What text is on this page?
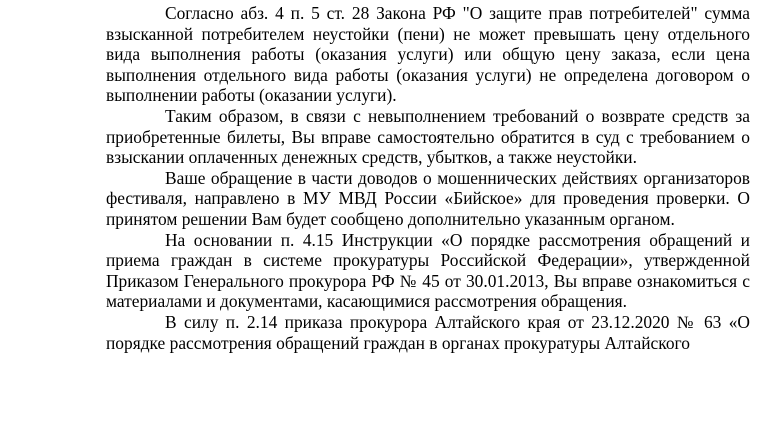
Согласно абз. 4 п. 5 ст. 28 Закона РФ "О защите прав потребителей" сумма взысканной потребителем неустойки (пени) не может превышать цену отдельного вида выполнения работы (оказания услуги) или общую цену заказа, если цена выполнения отдельного вида работы (оказания услуги) не определена договором о выполнении работы (оказании услуги).

Таким образом, в связи с невыполнением требований о возврате средств за приобретенные билеты, Вы вправе самостоятельно обратится в суд с требованием о взыскании оплаченных денежных средств, убытков, а также неустойки.

Ваше обращение в части доводов о мошеннических действиях организаторов фестиваля, направлено в МУ МВД России «Бийское» для проведения проверки. О принятом решении Вам будет сообщено дополнительно указанным органом.

На основании п. 4.15 Инструкции «О порядке рассмотрения обращений и приема граждан в системе прокуратуры Российской Федерации», утвержденной Приказом Генерального прокурора РФ № 45 от 30.01.2013, Вы вправе ознакомиться с материалами и документами, касающимися рассмотрения обращения.

В силу п. 2.14 приказа прокурора Алтайского края от 23.12.2020 № 63 «О порядке рассмотрения обращений граждан в органах прокуратуры Алтайского
